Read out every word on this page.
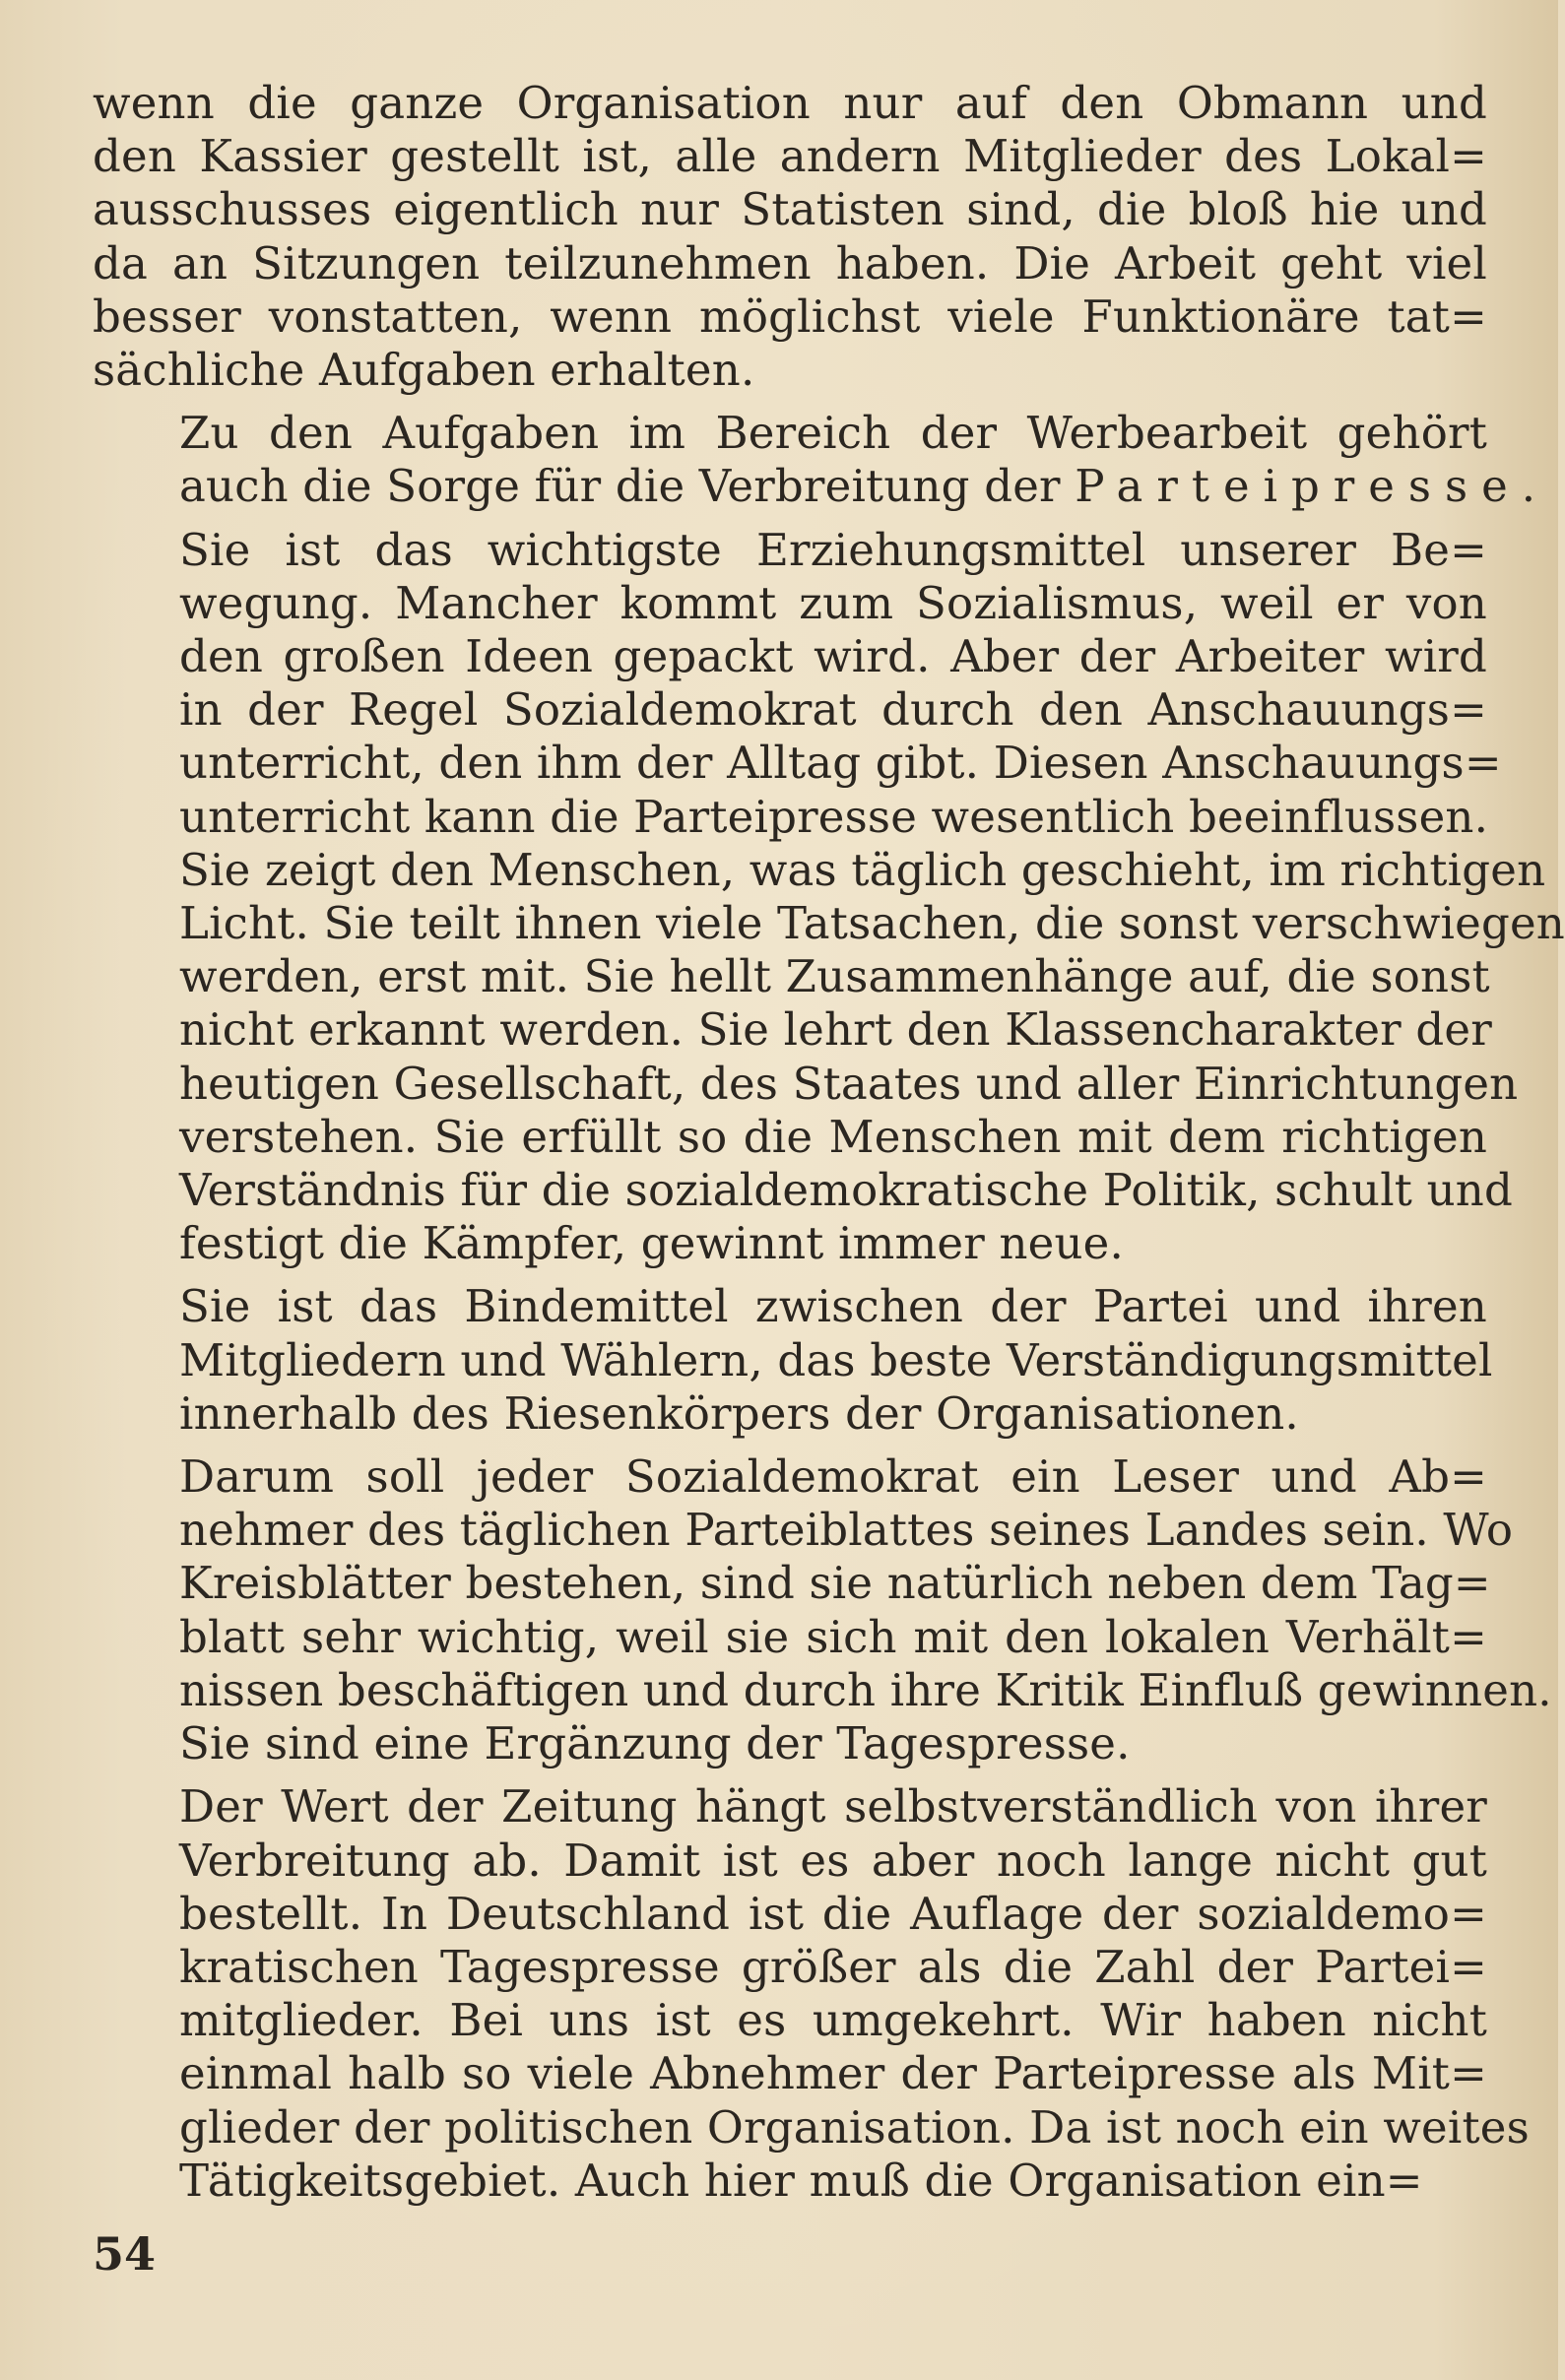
wenn die ganze Organisation nur auf den Obmann und
den Kassier gestellt ist, alle andern Mitglieder des Lokal=
ausschusses eigentlich nur Statisten sind, die bloß hie und
da an Sitzungen teilzunehmen haben. Die Arbeit geht viel
besser vonstatten, wenn möglichst viele Funktionäre tat=
sächliche Aufgaben erhalten.
Zu den Aufgaben im Bereich der Werbearbeit gehört
auch die Sorge für die Verbreitung der Parteipresse.
Sie ist das wichtigste Erziehungsmittel unserer Be=
wegung. Mancher kommt zum Sozialismus, weil er von
den großen Ideen gepackt wird. Aber der Arbeiter wird
in der Regel Sozialdemokrat durch den Anschauungs=
unterricht, den ihm der Alltag gibt. Diesen Anschauungs=
unterricht kann die Parteipresse wesentlich beeinflussen.
Sie zeigt den Menschen, was täglich geschieht, im richtigen
Licht. Sie teilt ihnen viele Tatsachen, die sonst verschwiegen
werden, erst mit. Sie hellt Zusammenhänge auf, die sonst
nicht erkannt werden. Sie lehrt den Klassencharakter der
heutigen Gesellschaft, des Staates und aller Einrichtungen
verstehen. Sie erfüllt so die Menschen mit dem richtigen
Verständnis für die sozialdemokratische Politik, schult und
festigt die Kämpfer, gewinnt immer neue.
Sie ist das Bindemittel zwischen der Partei und ihren
Mitgliedern und Wählern, das beste Verständigungsmittel
innerhalb des Riesenkörpers der Organisationen.
Darum soll jeder Sozialdemokrat ein Leser und Ab=
nehmer des täglichen Parteiblattes seines Landes sein. Wo
Kreisblätter bestehen, sind sie natürlich neben dem Tag=
blatt sehr wichtig, weil sie sich mit den lokalen Verhält=
nissen beschäftigen und durch ihre Kritik Einfluß gewinnen.
Sie sind eine Ergänzung der Tagespresse.
Der Wert der Zeitung hängt selbstverständlich von ihrer
Verbreitung ab. Damit ist es aber noch lange nicht gut
bestellt. In Deutschland ist die Auflage der sozialdemo=
kratischen Tagespresse größer als die Zahl der Partei=
mitglieder. Bei uns ist es umgekehrt. Wir haben nicht
einmal halb so viele Abnehmer der Parteipresse als Mit=
glieder der politischen Organisation. Da ist noch ein weites
Tätigkeitsgebiet. Auch hier muß die Organisation ein=
54
